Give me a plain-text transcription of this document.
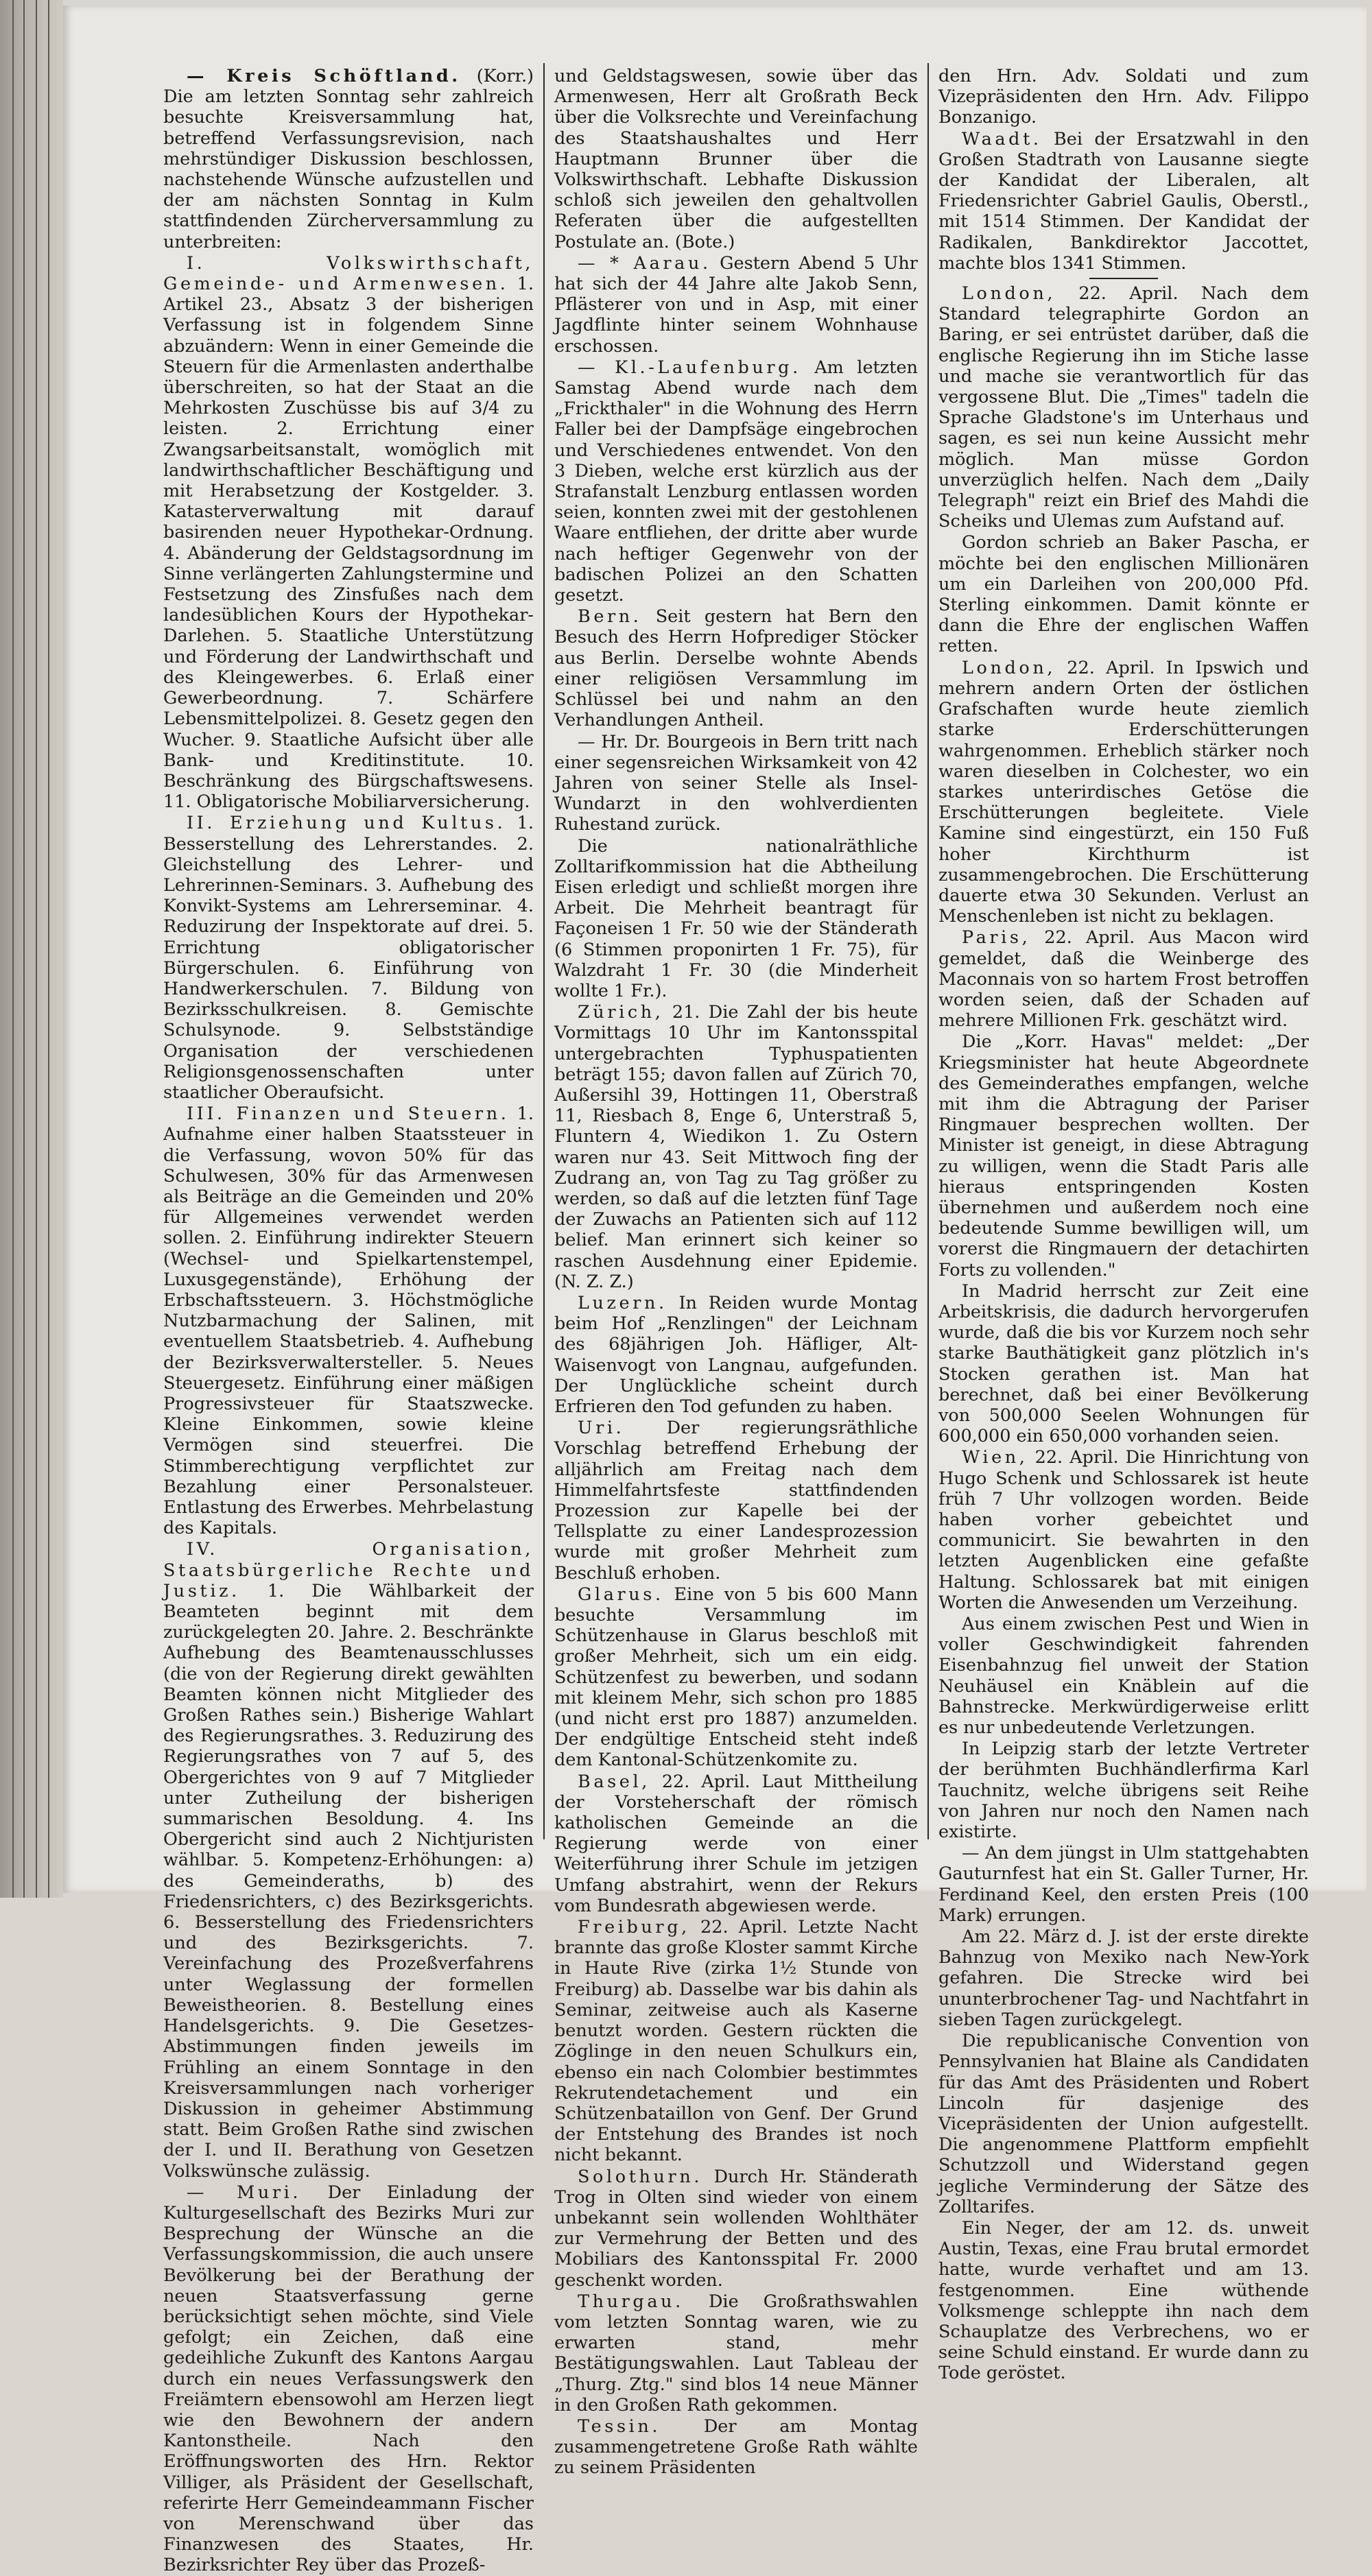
— Kreis Schöftland. (Korr.) Die am letzten Sonntag sehr zahlreich besuchte Kreisversammlung hat, betreffend Verfassungsrevision, nach mehrstündiger Diskussion beschlossen, nachstehende Wünsche aufzustellen und der am nächsten Sonntag in Kulm stattfindenden Zürcherversammlung zu unterbreiten:

I. Volkswirthschaft, Gemeinde- und Armenwesen. 1. Artikel 23., Absatz 3 der bisherigen Verfassung ist in folgendem Sinne abzuändern: Wenn in einer Gemeinde die Steuern für die Armenlasten anderthalbe überschreiten, so hat der Staat an die Mehrkosten Zuschüsse bis auf 3/4 zu leisten. 2. Errichtung einer Zwangsarbeitsanstalt, womöglich mit landwirthschaftlicher Beschäftigung und mit Herabsetzung der Kostgelder. 3. Katasterverwaltung mit darauf basirenden neuer Hypothekar-Ordnung. 4. Abänderung der Geldstagsordnung im Sinne verlängerten Zahlungstermine und Festsetzung des Zinsfußes nach dem landesüblichen Kours der Hypothekar-Darlehen. 5. Staatliche Unterstützung und Förderung der Landwirthschaft und des Kleingewerbes. 6. Erlaß einer Gewerbeordnung. 7. Schärfere Lebensmittelpolizei. 8. Gesetz gegen den Wucher. 9. Staatliche Aufsicht über alle Bank- und Kreditinstitute. 10. Beschränkung des Bürgschaftswesens. 11. Obligatorische Mobiliarversicherung.

II. Erziehung und Kultus. 1. Besserstellung des Lehrerstandes. 2. Gleichstellung des Lehrer- und Lehrerinnen-Seminars. 3. Aufhebung des Konvikt-Systems am Lehrerseminar. 4. Reduzirung der Inspektorate auf drei. 5. Errichtung obligatorischer Bürgerschulen. 6. Einführung von Handwerkerschulen. 7. Bildung von Bezirksschulkreisen. 8. Gemischte Schulsynode. 9. Selbstständige Organisation der verschiedenen Religionsgenossenschaften unter staatlicher Oberaufsicht.

III. Finanzen und Steuern. 1. Aufnahme einer halben Staatssteuer in die Verfassung, wovon 50% für das Schulwesen, 30% für das Armenwesen als Beiträge an die Gemeinden und 20% für Allgemeines verwendet werden sollen. 2. Einführung indirekter Steuern (Wechsel- und Spielkartenstempel, Luxusgegenstände), Erhöhung der Erbschaftssteuern. 3. Höchstmögliche Nutzbarmachung der Salinen, mit eventuellem Staatsbetrieb. 4. Aufhebung der Bezirksverwaltersteller. 5. Neues Steuergesetz. Einführung einer mäßigen Progressivsteuer für Staatszwecke. Kleine Einkommen, sowie kleine Vermögen sind steuerfrei. Die Stimmberechtigung verpflichtet zur Bezahlung einer Personalsteuer. Entlastung des Erwerbes. Mehrbelastung des Kapitals.

IV. Organisation, Staatsbürgerliche Rechte und Justiz. 1. Die Wählbarkeit der Beamteten beginnt mit dem zurückgelegten 20. Jahre. 2. Beschränkte Aufhebung des Beamtenausschlusses (die von der Regierung direkt gewählten Beamten können nicht Mitglieder des Großen Rathes sein.) Bisherige Wahlart des Regierungsrathes. 3. Reduzirung des Regierungsrathes von 7 auf 5, des Obergerichtes von 9 auf 7 Mitglieder unter Zutheilung der bisherigen summarischen Besoldung. 4. Ins Obergericht sind auch 2 Nichtjuristen wählbar. 5. Kompetenz-Erhöhungen: a) des Gemeinderaths, b) des Friedensrichters, c) des Bezirksgerichts. 6. Besserstellung des Friedensrichters und des Bezirksgerichts. 7. Vereinfachung des Prozeßverfahrens unter Weglassung der formellen Beweistheorien. 8. Bestellung eines Handelsgerichts. 9. Die Gesetzes-Abstimmungen finden jeweils im Frühling an einem Sonntage in den Kreisversammlungen nach vorheriger Diskussion in geheimer Abstimmung statt. Beim Großen Rathe sind zwischen der I. und II. Berathung von Gesetzen Volkswünsche zulässig.

— Muri. Der Einladung der Kulturgesellschaft des Bezirks Muri zur Besprechung der Wünsche an die Verfassungskommission, die auch unsere Bevölkerung bei der Berathung der neuen Staatsverfassung gerne berücksichtigt sehen möchte, sind Viele gefolgt; ein Zeichen, daß eine gedeihliche Zukunft des Kantons Aargau durch ein neues Verfassungswerk den Freiämtern ebensowohl am Herzen liegt wie den Bewohnern der andern Kantonstheile. Nach den Eröffnungsworten des Hrn. Rektor Villiger, als Präsident der Gesellschaft, referirte Herr Gemeindeammann Fischer von Merenschwand über das Finanzwesen des Staates, Hr. Bezirksrichter Rey über das Prozeß-

und Geldstagswesen, sowie über das Armenwesen, Herr alt Großrath Beck über die Volksrechte und Vereinfachung des Staatshaushaltes und Herr Hauptmann Brunner über die Volkswirthschaft. Lebhafte Diskussion schloß sich jeweilen den gehaltvollen Referaten über die aufgestellten Postulate an. (Bote.)

— * Aarau. Gestern Abend 5 Uhr hat sich der 44 Jahre alte Jakob Senn, Pflästerer von und in Asp, mit einer Jagdflinte hinter seinem Wohnhause erschossen.

— Kl.-Laufenburg. Am letzten Samstag Abend wurde nach dem „Frickthaler" in die Wohnung des Herrn Faller bei der Dampfsäge eingebrochen und Verschiedenes entwendet. Von den 3 Dieben, welche erst kürzlich aus der Strafanstalt Lenzburg entlassen worden seien, konnten zwei mit der gestohlenen Waare entfliehen, der dritte aber wurde nach heftiger Gegenwehr von der badischen Polizei an den Schatten gesetzt.

Bern. Seit gestern hat Bern den Besuch des Herrn Hofprediger Stöcker aus Berlin. Derselbe wohnte Abends einer religiösen Versammlung im Schlüssel bei und nahm an den Verhandlungen Antheil.

— Hr. Dr. Bourgeois in Bern tritt nach einer segensreichen Wirksamkeit von 42 Jahren von seiner Stelle als Insel-Wundarzt in den wohlverdienten Ruhestand zurück.

Die nationalräthliche Zolltarifkommission hat die Abtheilung Eisen erledigt und schließt morgen ihre Arbeit. Die Mehrheit beantragt für Façoneisen 1 Fr. 50 wie der Ständerath (6 Stimmen proponirten 1 Fr. 75), für Walzdraht 1 Fr. 30 (die Minderheit wollte 1 Fr.).

Zürich, 21. Die Zahl der bis heute Vormittags 10 Uhr im Kantonsspital untergebrachten Typhuspatienten beträgt 155; davon fallen auf Zürich 70, Außersihl 39, Hottingen 11, Oberstraß 11, Riesbach 8, Enge 6, Unterstraß 5, Fluntern 4, Wiedikon 1. Zu Ostern waren nur 43. Seit Mittwoch fing der Zudrang an, von Tag zu Tag größer zu werden, so daß auf die letzten fünf Tage der Zuwachs an Patienten sich auf 112 belief. Man erinnert sich keiner so raschen Ausdehnung einer Epidemie. (N. Z. Z.)

Luzern. In Reiden wurde Montag beim Hof „Renzlingen" der Leichnam des 68jährigen Joh. Häfliger, Alt-Waisenvogt von Langnau, aufgefunden. Der Unglückliche scheint durch Erfrieren den Tod gefunden zu haben.

Uri. Der regierungsräthliche Vorschlag betreffend Erhebung der alljährlich am Freitag nach dem Himmelfahrtsfeste stattfindenden Prozession zur Kapelle bei der Tellsplatte zu einer Landesprozession wurde mit großer Mehrheit zum Beschluß erhoben.

Glarus. Eine von 5 bis 600 Mann besuchte Versammlung im Schützenhause in Glarus beschloß mit großer Mehrheit, sich um ein eidg. Schützenfest zu bewerben, und sodann mit kleinem Mehr, sich schon pro 1885 (und nicht erst pro 1887) anzumelden. Der endgültige Entscheid steht indeß dem Kantonal-Schützenkomite zu.

Basel, 22. April. Laut Mittheilung der Vorsteherschaft der römisch katholischen Gemeinde an die Regierung werde von einer Weiterführung ihrer Schule im jetzigen Umfang abstrahirt, wenn der Rekurs vom Bundesrath abgewiesen werde.

Freiburg, 22. April. Letzte Nacht brannte das große Kloster sammt Kirche in Haute Rive (zirka 1½ Stunde von Freiburg) ab. Dasselbe war bis dahin als Seminar, zeitweise auch als Kaserne benutzt worden. Gestern rückten die Zöglinge in den neuen Schulkurs ein, ebenso ein nach Colombier bestimmtes Rekrutendetachement und ein Schützenbataillon von Genf. Der Grund der Entstehung des Brandes ist noch nicht bekannt.

Solothurn. Durch Hr. Ständerath Trog in Olten sind wieder von einem unbekannt sein wollenden Wohlthäter zur Vermehrung der Betten und des Mobiliars des Kantonsspital Fr. 2000 geschenkt worden.

Thurgau. Die Großrathswahlen vom letzten Sonntag waren, wie zu erwarten stand, mehr Bestätigungswahlen. Laut Tableau der „Thurg. Ztg." sind blos 14 neue Männer in den Großen Rath gekommen.

Tessin. Der am Montag zusammengetretene Große Rath wählte zu seinem Präsidenten

den Hrn. Adv. Soldati und zum Vizepräsidenten den Hrn. Adv. Filippo Bonzanigo.

Waadt. Bei der Ersatzwahl in den Großen Stadtrath von Lausanne siegte der Kandidat der Liberalen, alt Friedensrichter Gabriel Gaulis, Oberstl., mit 1514 Stimmen. Der Kandidat der Radikalen, Bankdirektor Jaccottet, machte blos 1341 Stimmen.

London, 22. April. Nach dem Standard telegraphirte Gordon an Baring, er sei entrüstet darüber, daß die englische Regierung ihn im Stiche lasse und mache sie verantwortlich für das vergossene Blut. Die „Times" tadeln die Sprache Gladstone's im Unterhaus und sagen, es sei nun keine Aussicht mehr möglich. Man müsse Gordon unverzüglich helfen. Nach dem „Daily Telegraph" reizt ein Brief des Mahdi die Scheiks und Ulemas zum Aufstand auf.

Gordon schrieb an Baker Pascha, er möchte bei den englischen Millionären um ein Darleihen von 200,000 Pfd. Sterling einkommen. Damit könnte er dann die Ehre der englischen Waffen retten.

London, 22. April. In Ipswich und mehrern andern Orten der östlichen Grafschaften wurde heute ziemlich starke Erderschütterungen wahrgenommen. Erheblich stärker noch waren dieselben in Colchester, wo ein starkes unterirdisches Getöse die Erschütterungen begleitete. Viele Kamine sind eingestürzt, ein 150 Fuß hoher Kirchthurm ist zusammengebrochen. Die Erschütterung dauerte etwa 30 Sekunden. Verlust an Menschenleben ist nicht zu beklagen.

Paris, 22. April. Aus Macon wird gemeldet, daß die Weinberge des Maconnais von so hartem Frost betroffen worden seien, daß der Schaden auf mehrere Millionen Frk. geschätzt wird.

Die „Korr. Havas" meldet: „Der Kriegsminister hat heute Abgeordnete des Gemeinderathes empfangen, welche mit ihm die Abtragung der Pariser Ringmauer besprechen wollten. Der Minister ist geneigt, in diese Abtragung zu willigen, wenn die Stadt Paris alle hieraus entspringenden Kosten übernehmen und außerdem noch eine bedeutende Summe bewilligen will, um vorerst die Ringmauern der detachirten Forts zu vollenden."

In Madrid herrscht zur Zeit eine Arbeitskrisis, die dadurch hervorgerufen wurde, daß die bis vor Kurzem noch sehr starke Bauthätigkeit ganz plötzlich in's Stocken gerathen ist. Man hat berechnet, daß bei einer Bevölkerung von 500,000 Seelen Wohnungen für 600,000 ein 650,000 vorhanden seien.

Wien, 22. April. Die Hinrichtung von Hugo Schenk und Schlossarek ist heute früh 7 Uhr vollzogen worden. Beide haben vorher gebeichtet und communicirt. Sie bewahrten in den letzten Augenblicken eine gefaßte Haltung. Schlossarek bat mit einigen Worten die Anwesenden um Verzeihung.

Aus einem zwischen Pest und Wien in voller Geschwindigkeit fahrenden Eisenbahnzug fiel unweit der Station Neuhäusel ein Knäblein auf die Bahnstrecke. Merkwürdigerweise erlitt es nur unbedeutende Verletzungen.

In Leipzig starb der letzte Vertreter der berühmten Buchhändlerfirma Karl Tauchnitz, welche übrigens seit Reihe von Jahren nur noch den Namen nach existirte.

— An dem jüngst in Ulm stattgehabten Gauturnfest hat ein St. Galler Turner, Hr. Ferdinand Keel, den ersten Preis (100 Mark) errungen.

Am 22. März d. J. ist der erste direkte Bahnzug von Mexiko nach New-York gefahren. Die Strecke wird bei ununterbrochener Tag- und Nachtfahrt in sieben Tagen zurückgelegt.

Die republicanische Convention von Pennsylvanien hat Blaine als Candidaten für das Amt des Präsidenten und Robert Lincoln für dasjenige des Vicepräsidenten der Union aufgestellt. Die angenommene Plattform empfiehlt Schutzzoll und Widerstand gegen jegliche Verminderung der Sätze des Zolltarifes.

Ein Neger, der am 12. ds. unweit Austin, Texas, eine Frau brutal ermordet hatte, wurde verhaftet und am 13. festgenommen. Eine wüthende Volksmenge schleppte ihn nach dem Schauplatze des Verbrechens, wo er seine Schuld einstand. Er wurde dann zu Tode geröstet.
